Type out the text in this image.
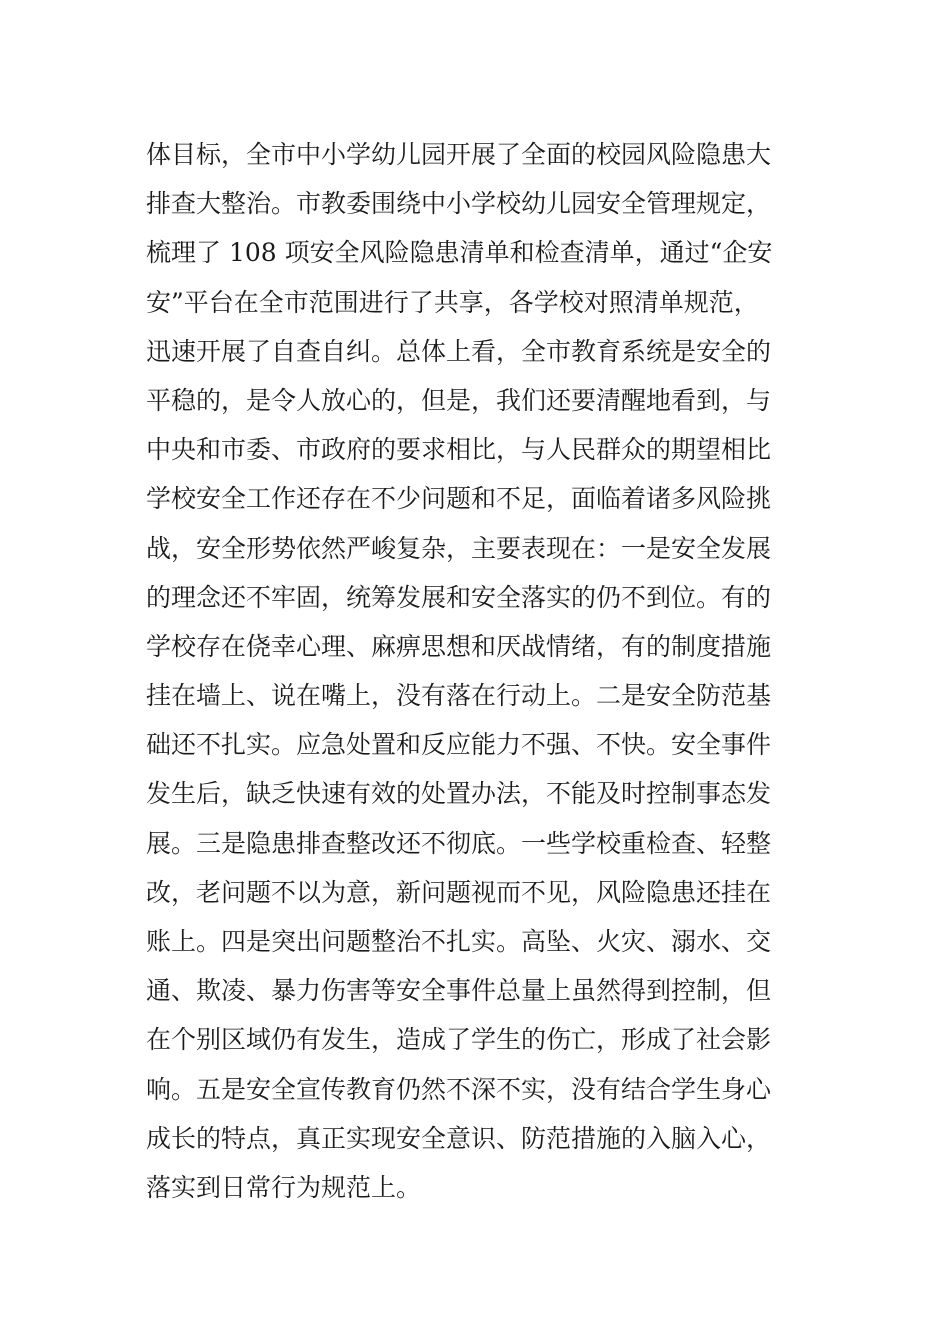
体目标，全市中小学幼儿园开展了全面的校园风险隐患大
排查大整治。市教委围绕中小学校幼儿园安全管理规定，
梳理了 108 项安全风险隐患清单和检查清单，通过“企安
安”平台在全市范围进行了共享，各学校对照清单规范，
迅速开展了自查自纠。总体上看，全市教育系统是安全的
平稳的，是令人放心的，但是，我们还要清醒地看到，与
中央和市委、市政府的要求相比，与人民群众的期望相比
学校安全工作还存在不少问题和不足，面临着诸多风险挑
战，安全形势依然严峻复杂，主要表现在：一是安全发展
的理念还不牢固，统筹发展和安全落实的仍不到位。有的
学校存在侥幸心理、麻痹思想和厌战情绪，有的制度措施
挂在墙上、说在嘴上，没有落在行动上。二是安全防范基
础还不扎实。应急处置和反应能力不强、不快。安全事件
发生后，缺乏快速有效的处置办法，不能及时控制事态发
展。三是隐患排查整改还不彻底。一些学校重检查、轻整
改，老问题不以为意，新问题视而不见，风险隐患还挂在
账上。四是突出问题整治不扎实。高坠、火灾、溺水、交
通、欺凌、暴力伤害等安全事件总量上虽然得到控制，但
在个别区域仍有发生，造成了学生的伤亡，形成了社会影
响。五是安全宣传教育仍然不深不实，没有结合学生身心
成长的特点，真正实现安全意识、防范措施的入脑入心，
落实到日常行为规范上。
